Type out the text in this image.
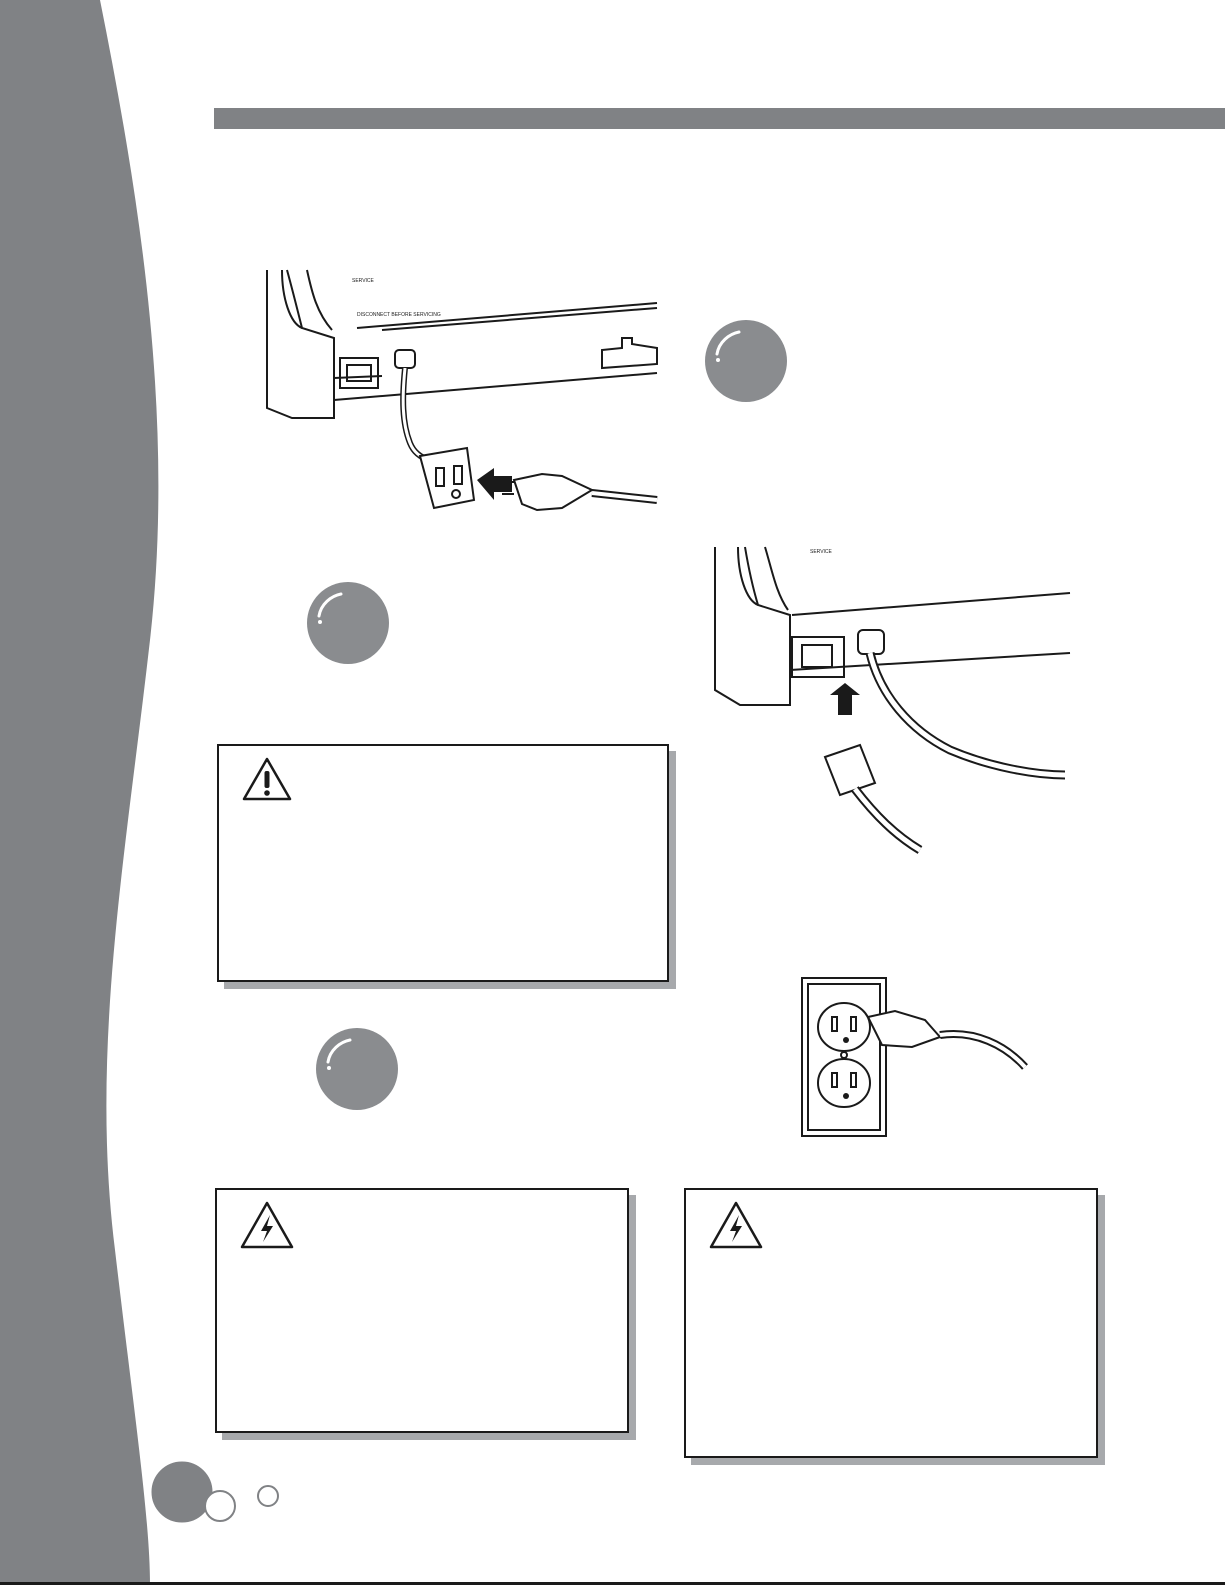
SERVICE
DISCONNECT BEFORE SERVICING
SERVICE
